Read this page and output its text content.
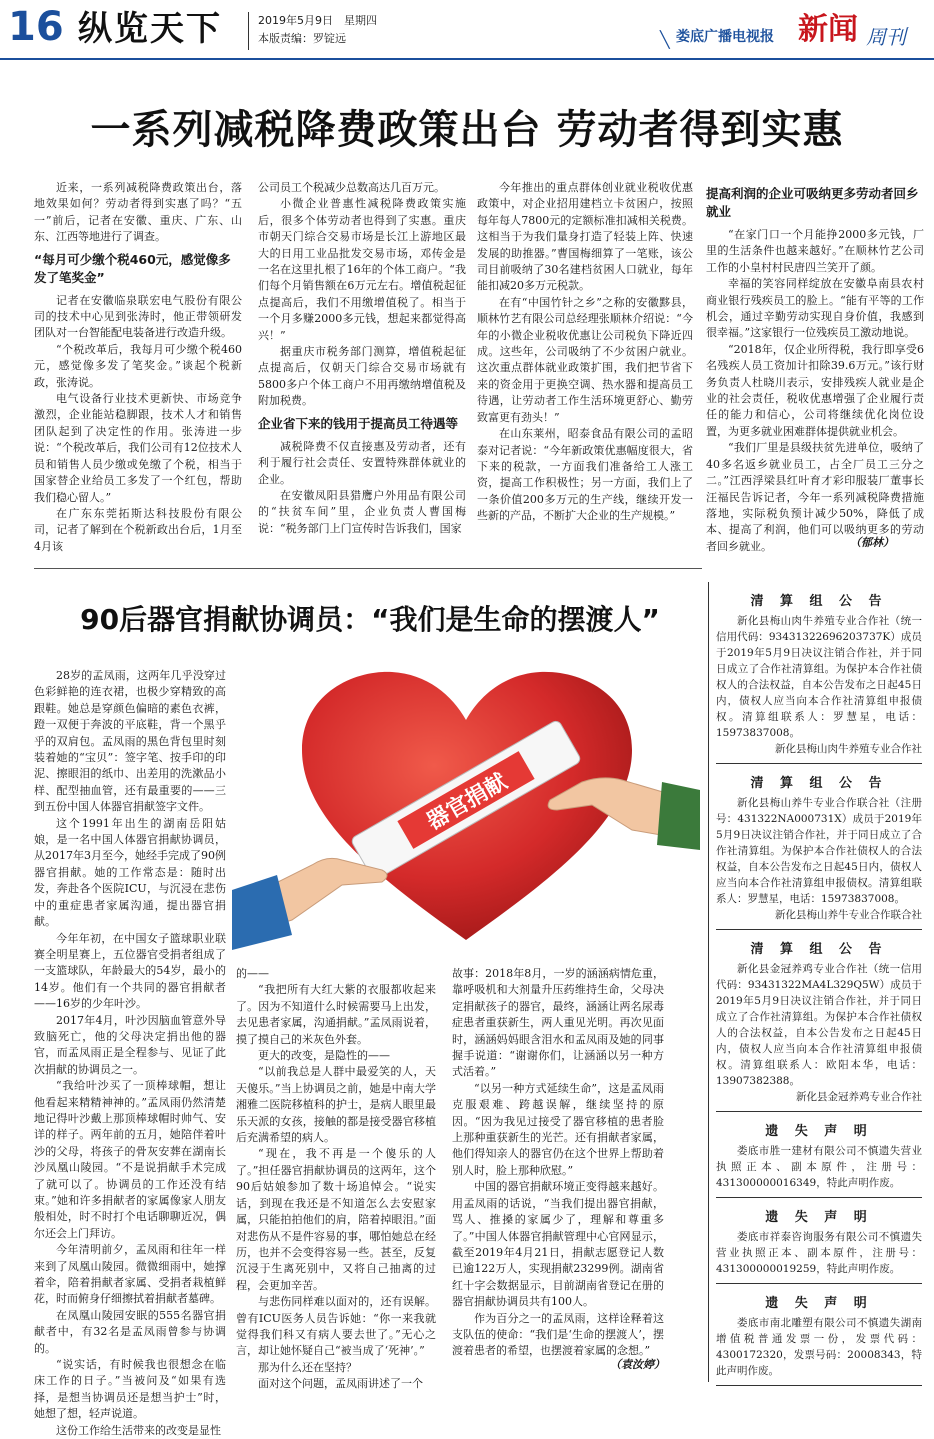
16 纵览天下	2019年5月9日　星期四
本版责编：罗锭远	╲ 娄底广播电视报 新闻 周刊
一系列减税降费政策出台 劳动者得到实惠

近来，一系列减税降费政策出台，落地效果如何？劳动者得到实惠了吗？“五一”前后，记者在安徽、重庆、广东、山东、江西等地进行了调查。

“每月可少缴个税460元，感觉像多发了笔奖金”

记者在安徽临泉联宏电气股份有限公司的技术中心见到张涛时，他正带领研发团队对一台智能配电装备进行改造升级。

“个税改革后，我每月可少缴个税460元，感觉像多发了笔奖金。”谈起个税新政，张涛说。

电气设备行业技术更新快、市场竞争激烈，企业能站稳脚跟，技术人才和销售团队起到了决定性的作用。张涛进一步说：“个税改革后，我们公司有12位技术人员和销售人员少缴或免缴了个税，相当于国家替企业给员工多发了一个红包，帮助我们稳心留人。”

在广东东莞拓斯达科技股份有限公司，记者了解到在个税新政出台后，1月至4月该

公司员工个税减少总数高达几百万元。

小微企业普惠性减税降费政策实施后，很多个体劳动者也得到了实惠。重庆市朝天门综合交易市场是长江上游地区最大的日用工业品批发交易市场，邓传金是一名在这里扎根了16年的个体工商户。“我们每个月销售额在6万元左右。增值税起征点提高后，我们不用缴增值税了。相当于一个月多赚2000多元钱，想起来都觉得高兴！”

据重庆市税务部门测算，增值税起征点提高后，仅朝天门综合交易市场就有5800多户个体工商户不用再缴纳增值税及附加税费。

企业省下来的钱用于提高员工待遇等

减税降费不仅直接惠及劳动者，还有利于履行社会责任、安置特殊群体就业的企业。

在安徽凤阳县猎鹰户外用品有限公司的“扶贫车间”里，企业负责人曹国梅说：“税务部门上门宣传时告诉我们，国家

今年推出的重点群体创业就业税收优惠政策中，对企业招用建档立卡贫困户，按照每年每人7800元的定额标准扣减相关税费。这相当于为我们量身打造了轻装上阵、快速发展的助推器。”曹国梅细算了一笔账，该公司目前吸纳了30名建档贫困人口就业，每年能扣减20多万元税款。

在有“中国竹针之乡”之称的安徽黟县，顺林竹艺有限公司总经理张顺林介绍说：“今年的小微企业税收优惠让公司税负下降近四成。这些年，公司吸纳了不少贫困户就业。这次重点群体就业政策扩围，我们把节省下来的资金用于更换空调、热水器和提高员工待遇，让劳动者工作生活环境更舒心、勤劳致富更有劲头！”

在山东莱州，昭泰食品有限公司的孟昭泰对记者说：“今年新政策优惠幅度很大，省下来的税款，一方面我们准备给工人涨工资，提高工作积极性；另一方面，我们上了一条价值200多万元的生产线，继续开发一些新的产品，不断扩大企业的生产规模。”

提高利润的企业可吸纳更多劳动者回乡就业

“在家门口一个月能挣2000多元钱，厂里的生活条件也越来越好。”在顺林竹艺公司工作的小皇村村民唐四兰笑开了颜。

幸福的笑容同样绽放在安徽阜南县农村商业银行残疾员工的脸上。“能有平等的工作机会，通过辛勤劳动实现自身价值，我感到很幸福。”这家银行一位残疾员工激动地说。

“2018年，仅企业所得税，我行即享受6名残疾人员工资加计扣除39.6万元。”该行财务负责人杜晓川表示，安排残疾人就业是企业的社会责任，税收优惠增强了企业履行责任的能力和信心，公司将继续优化岗位设置，为更多就业困难群体提供就业机会。

“我们厂里是县级扶贫先进单位，吸纳了40多名返乡就业员工，占全厂员工三分之二。”江西浮梁县红叶育才彩印服装厂董事长汪福民告诉记者，今年一系列减税降费措施落地，实际税负预计减少50%，降低了成本、提高了利润，他们可以吸纳更多的劳动者回乡就业。	（郁林）
90后器官捐献协调员：“我们是生命的摆渡人”
器官捐献

28岁的孟凤雨，这两年几乎没穿过色彩鲜艳的连衣裙，也极少穿精致的高跟鞋。她总是穿颜色偏暗的素色衣裤，蹬一双便于奔波的平底鞋，背一个黑乎乎的双肩包。孟凤雨的黑色背包里时刻装着她的“宝贝”：签字笔、按手印的印泥、擦眼泪的纸巾、出差用的洗漱品小样、配型抽血管，还有最重要的——三到五份中国人体器官捐献签字文件。

这个1991年出生的湖南岳阳姑娘，是一名中国人体器官捐献协调员，从2017年3月至今，她经手完成了90例器官捐献。她的工作常态是：随时出发，奔赴各个医院ICU，与沉浸在悲伤中的重症患者家属沟通，提出器官捐献。

今年年初，在中国女子篮球职业联赛全明星赛上，五位器官受捐者组成了一支篮球队，年龄最大的54岁，最小的14岁。他们有一个共同的器官捐献者——16岁的少年叶沙。

2017年4月，叶沙因脑血管意外导致脑死亡，他的父母决定捐出他的器官，而孟凤雨正是全程参与、见证了此次捐献的协调员之一。

“我给叶沙买了一顶棒球帽，想让他看起来精精神神的。”孟凤雨仍然清楚地记得叶沙戴上那顶棒球帽时帅气、安详的样子。两年前的五月，她陪伴着叶沙的父母，将孩子的骨灰安葬在湖南长沙凤凰山陵园。“不是说捐献手术完成了就可以了。协调员的工作还没有结束。”她和许多捐献者的家属像家人朋友般相处，时不时打个电话聊聊近况，偶尔还会上门拜访。

今年清明前夕，孟凤雨和往年一样来到了凤凰山陵园。微微细雨中，她撑着伞，陪着捐献者家属、受捐者栽植鲜花，时而俯身仔细擦拭着捐献者墓碑。

在凤凰山陵园安眠的555名器官捐献者中，有32名是孟凤雨曾参与协调的。

“说实话，有时候我也很想念在临床工作的日子。”当被问及“如果有选择，是想当协调员还是想当护士”时，她想了想，轻声说道。

这份工作给生活带来的改变是显性

的——

“我把所有大红大紫的衣服都收起来了。因为不知道什么时候需要马上出发，去见患者家属，沟通捐献。”孟凤雨说着，摸了摸自己的米灰色外套。

更大的改变，是隐性的——

“以前我总是人群中最爱笑的人，天天傻乐。”当上协调员之前，她是中南大学湘雅二医院移植科的护士，是病人眼里最乐天派的女孩，接触的都是接受器官移植后充满希望的病人。

“现在，我不再是一个傻乐的人了。”担任器官捐献协调员的这两年，这个90后姑娘参加了数十场追悼会。“说实话，到现在我还是不知道怎么去安慰家属，只能拍拍他们的肩，陪着掉眼泪。”面对悲伤从不是件容易的事，哪怕她总在经历，也并不会变得容易一些。甚至，反复沉浸于生离死别中，又将自己抽离的过程，会更加辛苦。

与悲伤同样难以面对的，还有误解。曾有ICU医务人员告诉她：“你一来我就觉得我们科又有病人要去世了。”无心之言，却让她怀疑自己“被当成了‘死神’。”

那为什么还在坚持？

面对这个问题，孟凤雨讲述了一个

故事：2018年8月，一岁的涵涵病情危重，靠呼吸机和大剂量升压药维持生命，父母决定捐献孩子的器官，最终，涵涵让两名尿毒症患者重获新生，两人重见光明。再次见面时，涵涵妈妈眼含泪水和孟凤雨及她的同事握手说道：“谢谢你们，让涵涵以另一种方式活着。”

“以另一种方式延续生命”，这是孟凤雨克服艰难、跨越误解，继续坚持的原因。“因为我见过接受了器官移植的患者脸上那种重获新生的光芒。还有捐献者家属，他们得知亲人的器官仍在这个世界上帮助着别人时，脸上那种欣慰。”

中国的器官捐献环境正变得越来越好。用孟凤雨的话说，“当我们提出器官捐献，骂人、推搡的家属少了，理解和尊重多了。”中国人体器官捐献管理中心官网显示，截至2019年4月21日，捐献志愿登记人数已逾122万人，实现捐献23299例。湖南省红十字会数据显示，目前湖南省登记在册的器官捐献协调员共有100人。

作为百分之一的孟凤雨，这样诠释着这支队伍的使命：“我们是‘生命的摆渡人’，摆渡着患者的希望，也摆渡着家属的念想。”

（袁汝婷）
清 算 组 公 告
新化县梅山肉牛养殖专业合作社（统一信用代码：93431322696203737K）成员于2019年5月9日决议注销合作社，并于同日成立了合作社清算组。为保护本合作社债权人的合法权益，自本公告发布之日起45日内，债权人应当向本合作社清算组申报债权。清算组联系人：罗慧星，电话：15973837008。
新化县梅山肉牛养殖专业合作社
清 算 组 公 告
新化县梅山养牛专业合作联合社（注册号：431322NA000731X）成员于2019年5月9日决议注销合作社，并于同日成立了合作社清算组。为保护本合作社债权人的合法权益，自本公告发布之日起45日内，债权人应当向本合作社清算组申报债权。清算组联系人：罗慧星，电话：15973837008。
新化县梅山养牛专业合作联合社
清 算 组 公 告
新化县金冠养鸡专业合作社（统一信用代码：93431322MA4L329Q5W）成员于2019年5月9日决议注销合作社，并于同日成立了合作社清算组。为保护本合作社债权人的合法权益，自本公告发布之日起45日内，债权人应当向本合作社清算组申报债权。清算组联系人：欧阳本华，电话：13907382388。
新化县金冠养鸡专业合作社
遗 失 声 明
娄底市胜一建材有限公司不慎遗失营业执照正本、副本原件，注册号：431300000016349，特此声明作废。
遗 失 声 明
娄底市祥泰咨询服务有限公司不慎遗失营业执照正本、副本原件，注册号：431300000019259，特此声明作废。
遗 失 声 明
娄底市南北雕塑有限公司不慎遗失湖南增值税普通发票一份，发票代码：4300172320，发票号码：20008343，特此声明作废。
